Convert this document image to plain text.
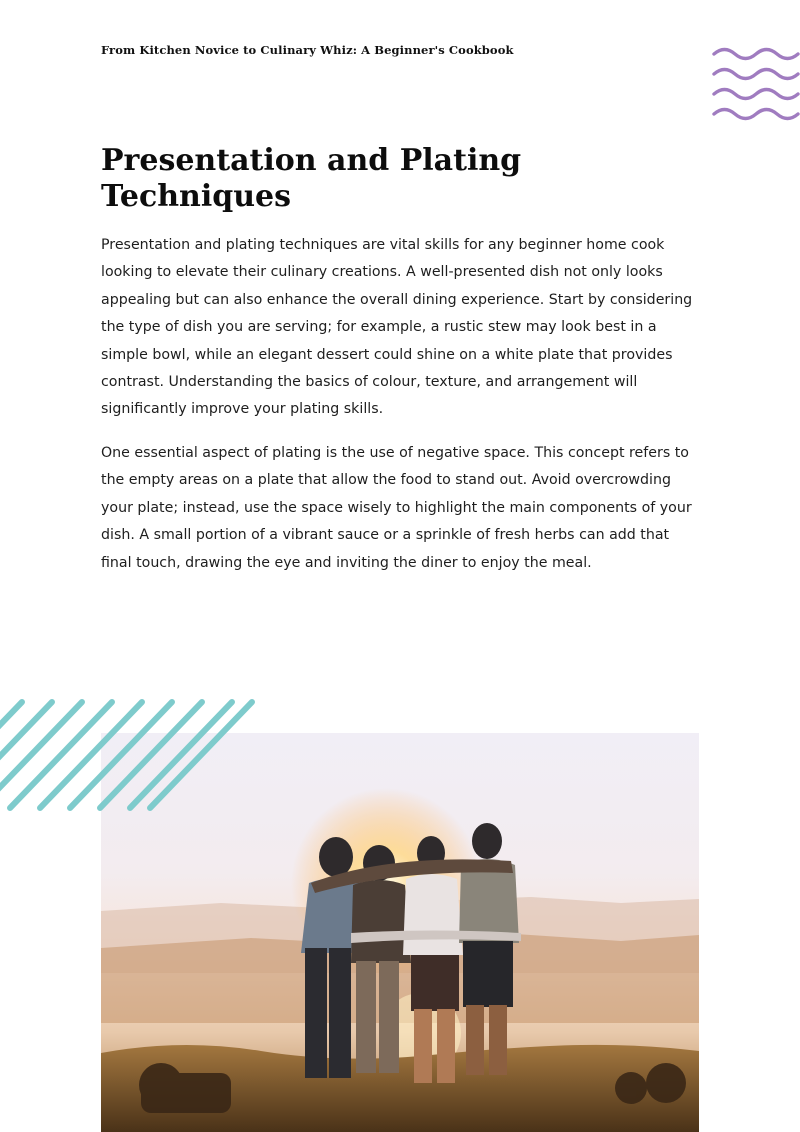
From Kitchen Novice to Culinary Whiz: A Beginner's Cookbook
Presentation and Plating Techniques

Presentation and plating techniques are vital skills for any beginner home cook looking to elevate their culinary creations. A well-presented dish not only looks appealing but can also enhance the overall dining experience. Start by considering the type of dish you are serving; for example, a rustic stew may look best in a simple bowl, while an elegant dessert could shine on a white plate that provides contrast. Understanding the basics of colour, texture, and arrangement will significantly improve your plating skills.

One essential aspect of plating is the use of negative space. This concept refers to the empty areas on a plate that allow the food to stand out. Avoid overcrowding your plate; instead, use the space wisely to highlight the main components of your dish. A small portion of a vibrant sauce or a sprinkle of fresh herbs can add that final touch, drawing the eye and inviting the diner to enjoy the meal.
